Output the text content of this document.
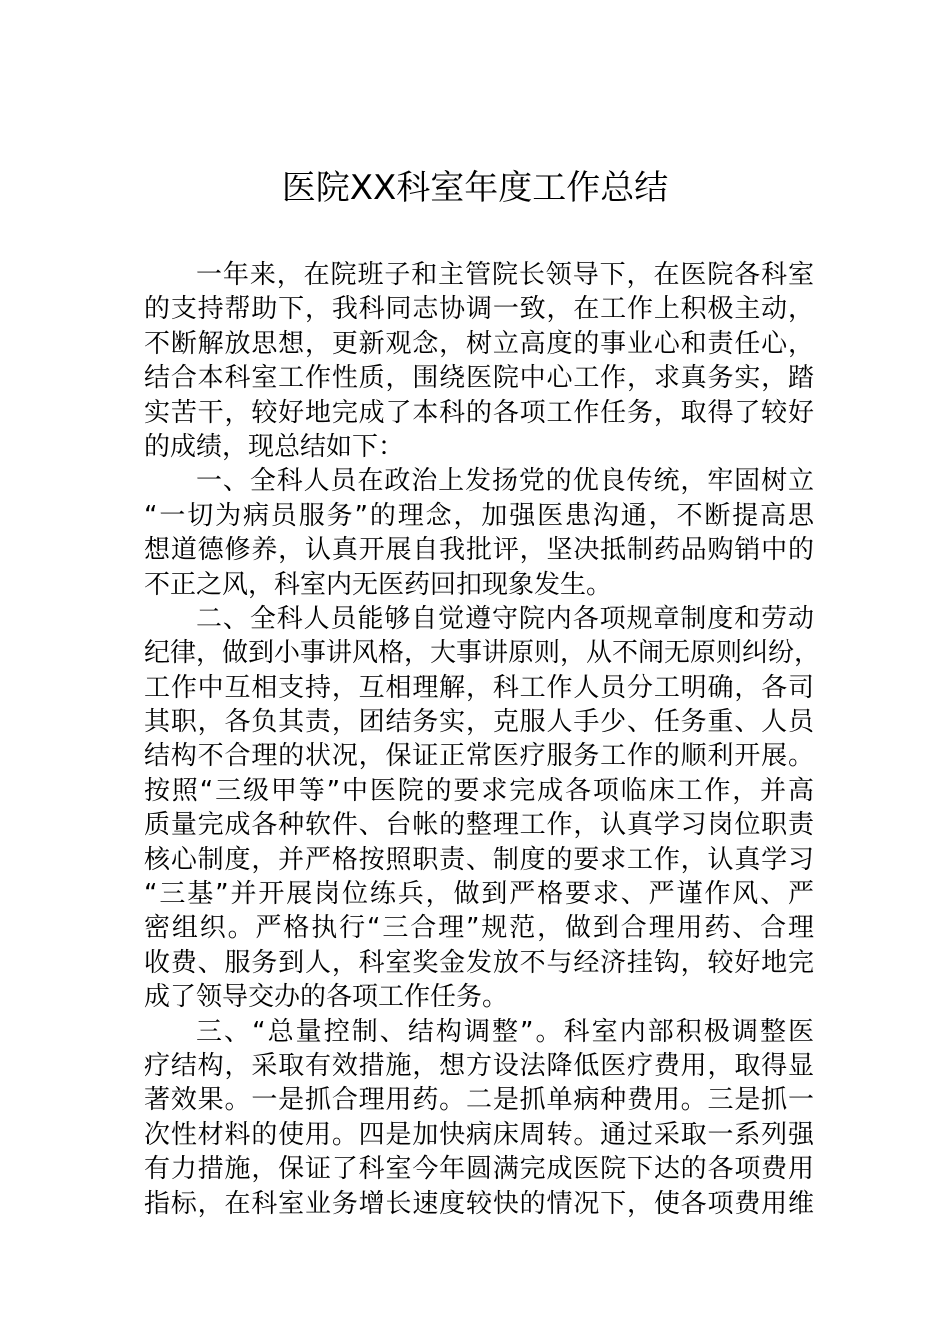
医院XX科室年度工作总结
一年来，在院班子和主管院长领导下，在医院各科室
的支持帮助下，我科同志协调一致，在工作上积极主动，
不断解放思想，更新观念，树立高度的事业心和责任心，
结合本科室工作性质，围绕医院中心工作，求真务实，踏
实苦干，较好地完成了本科的各项工作任务，取得了较好
的成绩，现总结如下：
一、全科人员在政治上发扬党的优良传统，牢固树立
“一切为病员服务”的理念，加强医患沟通，不断提高思
想道德修养，认真开展自我批评，坚决抵制药品购销中的
不正之风，科室内无医药回扣现象发生。
二、全科人员能够自觉遵守院内各项规章制度和劳动
纪律，做到小事讲风格，大事讲原则，从不闹无原则纠纷，
工作中互相支持，互相理解，科工作人员分工明确，各司
其职，各负其责，团结务实，克服人手少、任务重、人员
结构不合理的状况，保证正常医疗服务工作的顺利开展。
按照“三级甲等”中医院的要求完成各项临床工作，并高
质量完成各种软件、台帐的整理工作，认真学习岗位职责
核心制度，并严格按照职责、制度的要求工作，认真学习
“三基”并开展岗位练兵，做到严格要求、严谨作风、严
密组织。严格执行“三合理”规范，做到合理用药、合理
收费、服务到人，科室奖金发放不与经济挂钩，较好地完
成了领导交办的各项工作任务。
三、“总量控制、结构调整”。科室内部积极调整医
疗结构，采取有效措施，想方设法降低医疗费用，取得显
著效果。一是抓合理用药。二是抓单病种费用。三是抓一
次性材料的使用。四是加快病床周转。通过采取一系列强
有力措施，保证了科室今年圆满完成医院下达的各项费用
指标，在科室业务增长速度较快的情况下，使各项费用维
